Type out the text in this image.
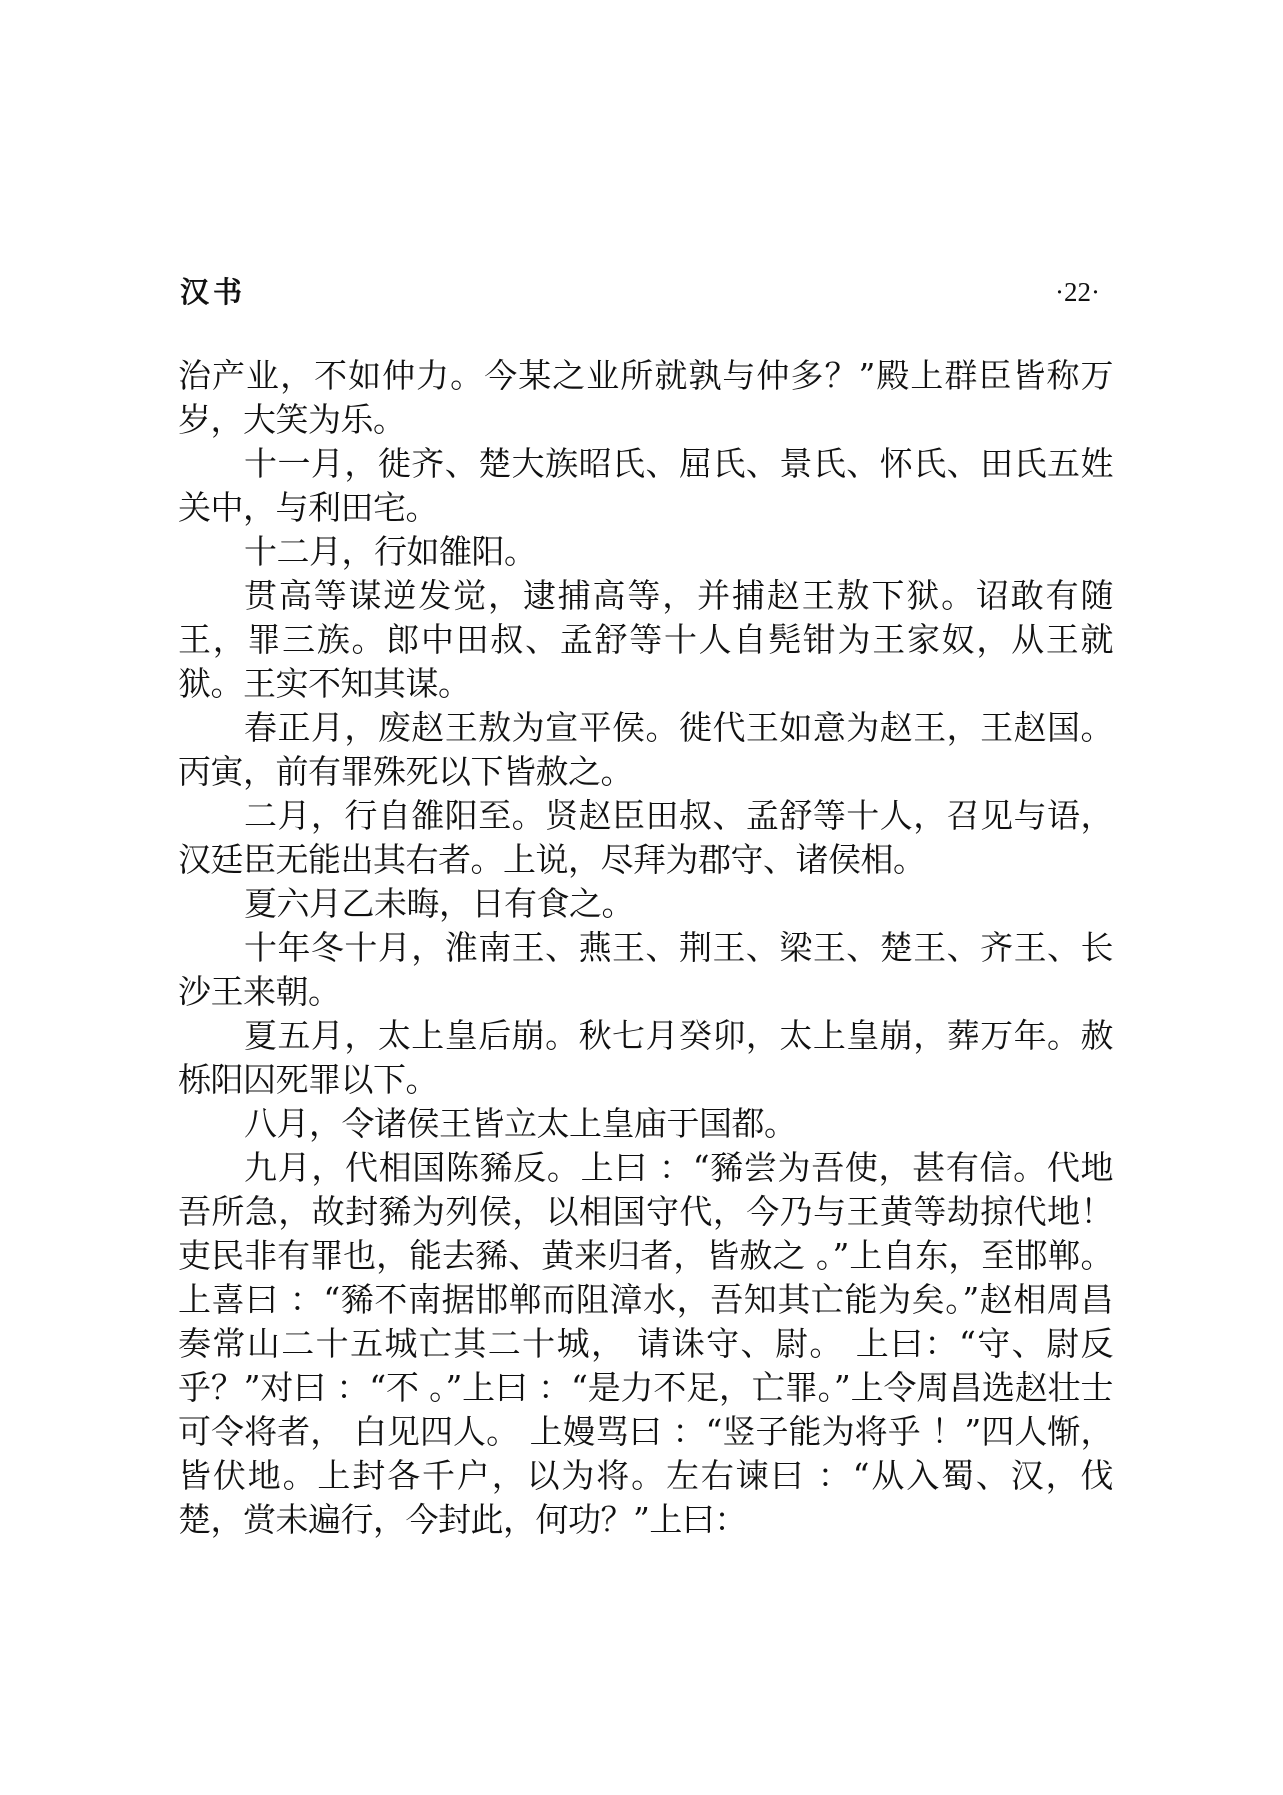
汉书	·22·

治产业，不如仲力。今某之业所就孰与仲多？”殿上群臣皆称万岁，大笑为乐。

十一月，徙齐、楚大族昭氏、屈氏、景氏、怀氏、田氏五姓关中，与利田宅。

十二月，行如雒阳。

贯高等谋逆发觉，逮捕高等，并捕赵王敖下狱。诏敢有随王，罪三族。郎中田叔、孟舒等十人自髡钳为王家奴，从王就狱。王实不知其谋。

春正月，废赵王敖为宣平侯。徙代王如意为赵王，王赵国。丙寅，前有罪殊死以下皆赦之。

二月，行自雒阳至。贤赵臣田叔、孟舒等十人，召见与语，汉廷臣无能出其右者。上说，尽拜为郡守、诸侯相。

夏六月乙未晦，日有食之。

十年冬十月，淮南王、燕王、荆王、梁王、楚王、齐王、长沙王来朝。

夏五月，太上皇后崩。秋七月癸卯，太上皇崩，葬万年。赦栎阳囚死罪以下。

八月，令诸侯王皆立太上皇庙于国都。

九月，代相国陈豨反。上曰 ：“豨尝为吾使，甚有信。代地吾所急，故封豨为列侯，以相国守代，今乃与王黄等劫掠代地！吏民非有罪也，能去豨、黄来归者，皆赦之 。”上自东，至邯郸。上喜曰 ：“豨不南据邯郸而阻漳水，吾知其亡能为矣。”赵相周昌奏常山二十五城亡其二十城， 请诛守、尉。 上曰：“守、尉反乎？”对曰 ：“不 。”上曰 ：“是力不足，亡罪。”上令周昌选赵壮士可令将者， 白见四人。 上嫚骂曰 ：“竖子能为将乎 ！”四人惭，皆伏地。上封各千户，以为将。左右谏曰 ：“从入蜀、汉，伐楚，赏未遍行，今封此，何功？”上曰：
